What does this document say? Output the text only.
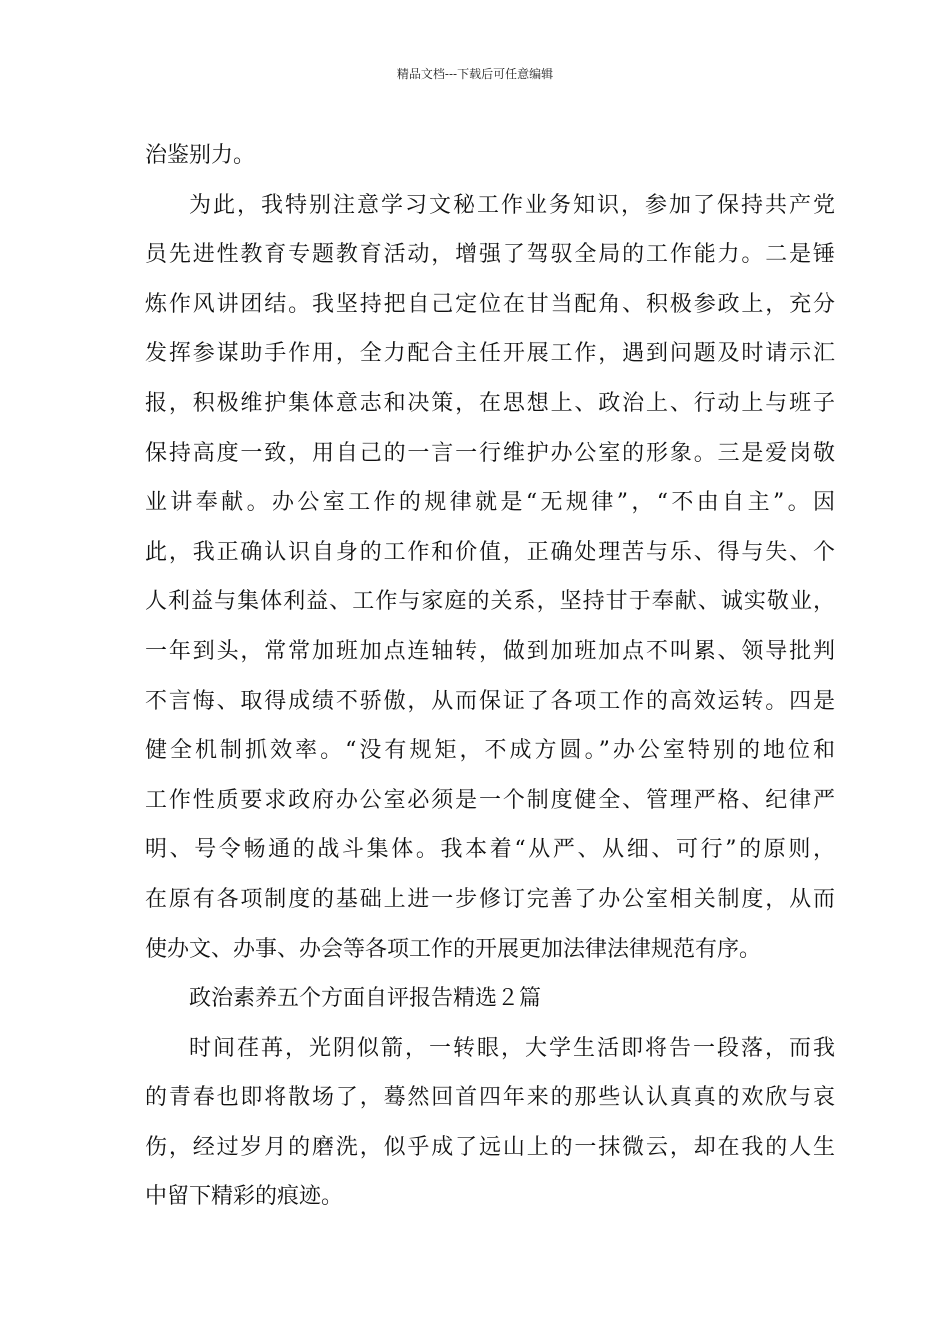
精品文档---下载后可任意编辑
治鉴别力。
为此，我特别注意学习文秘工作业务知识，参加了保持共产党
员先进性教育专题教育活动，增强了驾驭全局的工作能力。二是锤
炼作风讲团结。我坚持把自己定位在甘当配角、积极参政上，充分
发挥参谋助手作用，全力配合主任开展工作，遇到问题及时请示汇
报，积极维护集体意志和决策，在思想上、政治上、行动上与班子
保持高度一致，用自己的一言一行维护办公室的形象。三是爱岗敬
业讲奉献。办公室工作的规律就是“无规律”，“不由自主”。因
此，我正确认识自身的工作和价值，正确处理苦与乐、得与失、个
人利益与集体利益、工作与家庭的关系，坚持甘于奉献、诚实敬业，
一年到头，常常加班加点连轴转，做到加班加点不叫累、领导批判
不言悔、取得成绩不骄傲，从而保证了各项工作的高效运转。四是
健全机制抓效率。“没有规矩，不成方圆。”办公室特别的地位和
工作性质要求政府办公室必须是一个制度健全、管理严格、纪律严
明、号令畅通的战斗集体。我本着“从严、从细、可行”的原则，
在原有各项制度的基础上进一步修订完善了办公室相关制度，从而
使办文、办事、办会等各项工作的开展更加法律法律规范有序。
政治素养五个方面自评报告精选２篇
时间荏苒，光阴似箭，一转眼，大学生活即将告一段落，而我
的青春也即将散场了，蓦然回首四年来的那些认认真真的欢欣与哀
伤，经过岁月的磨洗，似乎成了远山上的一抹微云，却在我的人生
中留下精彩的痕迹。
